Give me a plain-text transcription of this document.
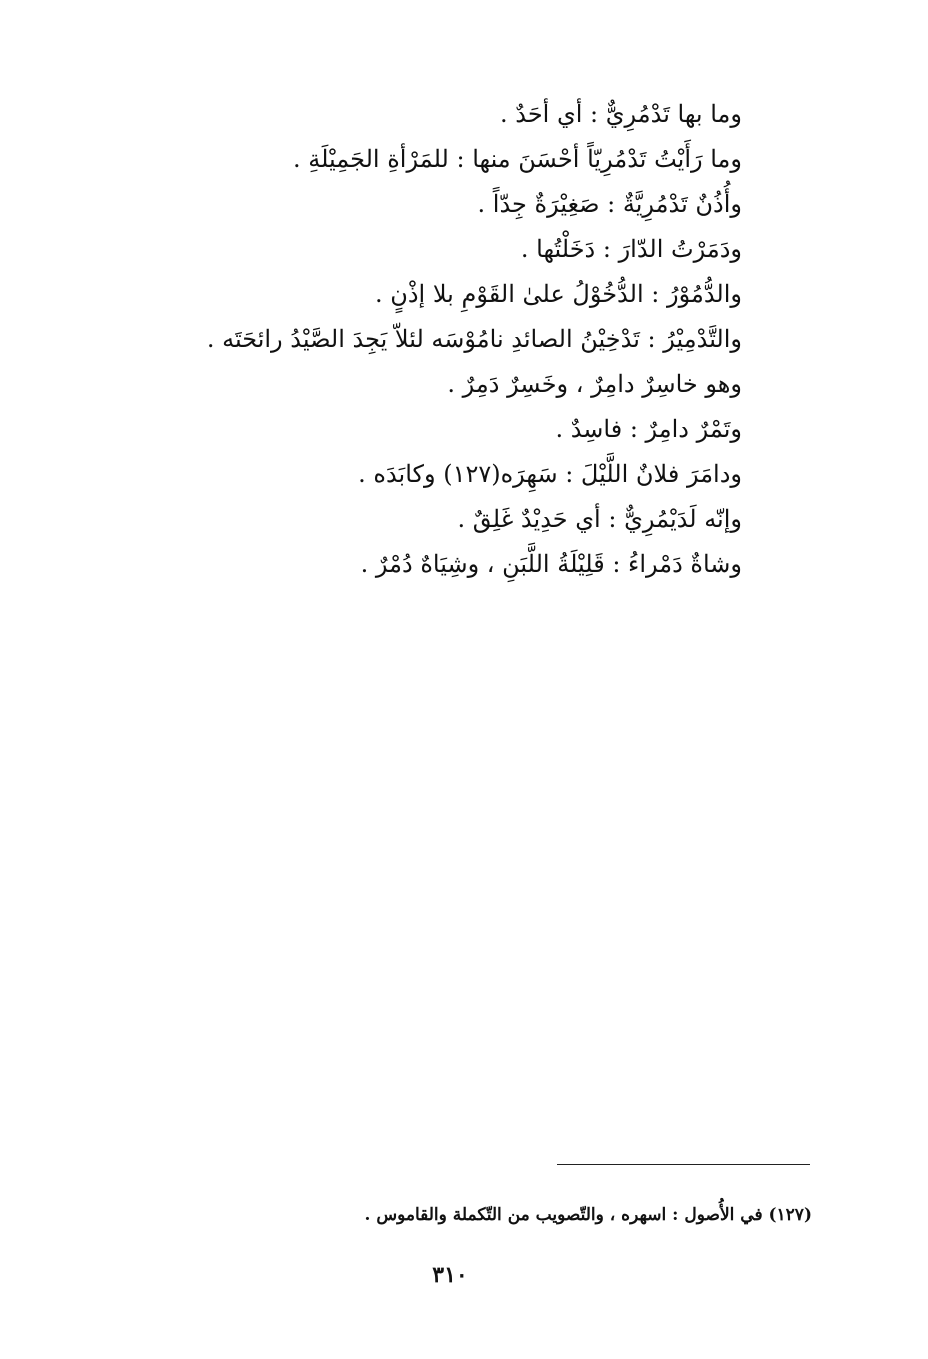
وما بها تَدْمُرِيٌّ : أي أحَدٌ .
وما رَأَيْتُ تَدْمُرِيّاً أحْسَنَ منها : للمَرْأةِ الجَمِيْلَةِ .
وأُذُنٌ تَدْمُرِيَّةٌ : صَغِيْرَةٌ جِدّاً .
ودَمَرْتُ الدّارَ : دَخَلْتُها .
والدُّمُوْرُ : الدُّخُوْلُ علىٰ القَوْمِ بلا إذْنٍ .
والتَّدْمِيْرُ : تَدْخِيْنُ الصائدِ نامُوْسَه لئلاّ يَجِدَ الصَّيْدُ رائحَتَه .
وهو خاسِرٌ دامِرٌ ، وخَسِرٌ دَمِرٌ .
وتَمْرٌ دامِرٌ : فاسِدٌ .
ودامَرَ فلانٌ اللَّيْلَ : سَهِرَه(١٢٧) وكابَدَه .
وإنّه لَدَيْمُرِيٌّ : أي حَدِيْدٌ غَلِقٌ .
وشاةٌ دَمْراءُ : قَلِيْلَةُ اللَّبَنِ ، وشِيَاهٌ دُمْرٌ .
(١٢٧) في الأُصول : اسهره ، والتّصويب من التّكملة والقاموس .
٣١٠
